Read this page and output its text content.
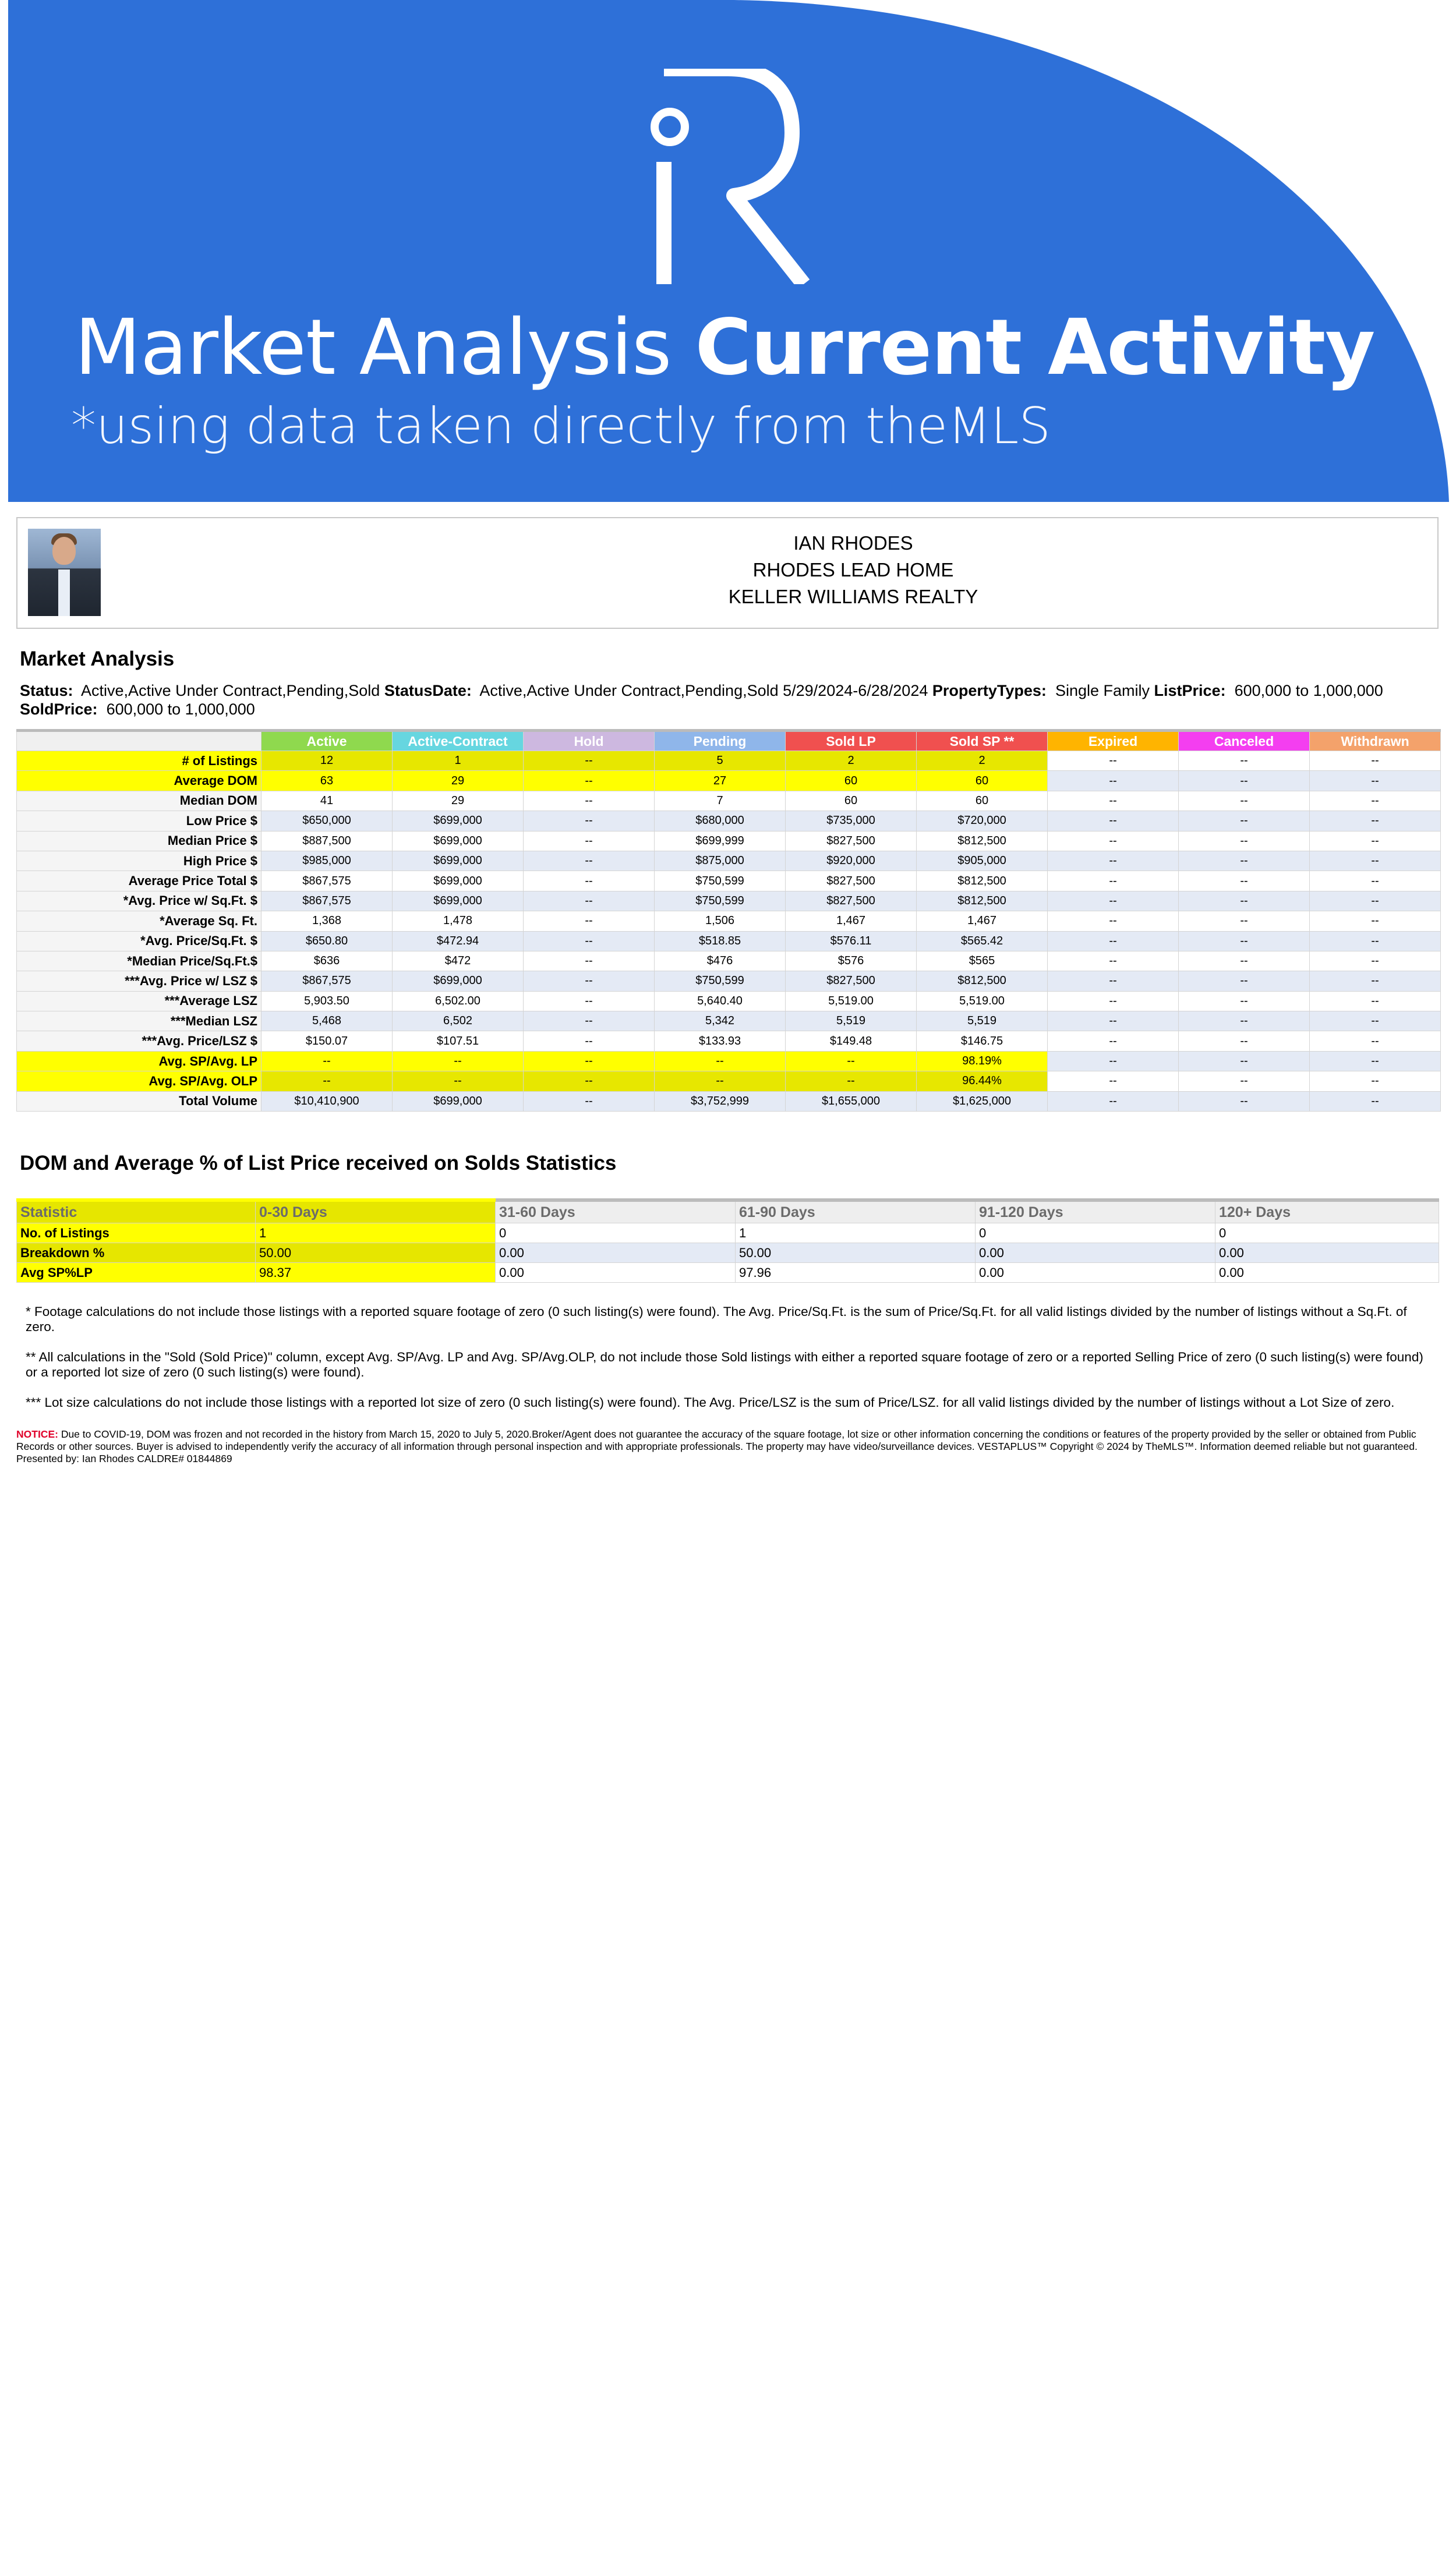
Market Analysis Current Activity
*using data taken directly from theMLS
IAN RHODES
RHODES LEAD HOME
KELLER WILLIAMS REALTY
Market Analysis
Status: Active,Active Under Contract,Pending,Sold StatusDate: Active,Active Under Contract,Pending,Sold 5/29/2024-6/28/2024 PropertyTypes: Single Family ListPrice: 600,000 to 1,000,000
SoldPrice: 600,000 to 1,000,000
	Active	Active-Contract	Hold	Pending	Sold LP	Sold SP **	Expired	Canceled	Withdrawn
# of Listings	12	1	--	5	2	2	--	--	--
Average DOM	63	29	--	27	60	60	--	--	--
Median DOM	41	29	--	7	60	60	--	--	--
Low Price $	$650,000	$699,000	--	$680,000	$735,000	$720,000	--	--	--
Median Price $	$887,500	$699,000	--	$699,999	$827,500	$812,500	--	--	--
High Price $	$985,000	$699,000	--	$875,000	$920,000	$905,000	--	--	--
Average Price Total $	$867,575	$699,000	--	$750,599	$827,500	$812,500	--	--	--
*Avg. Price w/ Sq.Ft. $	$867,575	$699,000	--	$750,599	$827,500	$812,500	--	--	--
*Average Sq. Ft.	1,368	1,478	--	1,506	1,467	1,467	--	--	--
*Avg. Price/Sq.Ft. $	$650.80	$472.94	--	$518.85	$576.11	$565.42	--	--	--
*Median Price/Sq.Ft.$	$636	$472	--	$476	$576	$565	--	--	--
***Avg. Price w/ LSZ $	$867,575	$699,000	--	$750,599	$827,500	$812,500	--	--	--
***Average LSZ	5,903.50	6,502.00	--	5,640.40	5,519.00	5,519.00	--	--	--
***Median LSZ	5,468	6,502	--	5,342	5,519	5,519	--	--	--
***Avg. Price/LSZ $	$150.07	$107.51	--	$133.93	$149.48	$146.75	--	--	--
Avg. SP/Avg. LP	--	--	--	--	--	98.19%	--	--	--
Avg. SP/Avg. OLP	--	--	--	--	--	96.44%	--	--	--
Total Volume	$10,410,900	$699,000	--	$3,752,999	$1,655,000	$1,625,000	--	--	--
DOM and Average % of List Price received on Solds Statistics
Statistic	0-30 Days	31-60 Days	61-90 Days	91-120 Days	120+ Days
No. of Listings	1	0	1	0	0
Breakdown %	50.00	0.00	50.00	0.00	0.00
Avg SP%LP	98.37	0.00	97.96	0.00	0.00

* Footage calculations do not include those listings with a reported square footage of zero (0 such listing(s) were found). The Avg. Price/Sq.Ft. is the sum of Price/Sq.Ft. for all valid listings divided by the number of listings without a Sq.Ft. of zero.

** All calculations in the "Sold (Sold Price)" column, except Avg. SP/Avg. LP and Avg. SP/Avg.OLP, do not include those Sold listings with either a reported square footage of zero or a reported Selling Price of zero (0 such listing(s) were found) or a reported lot size of zero (0 such listing(s) were found).

*** Lot size calculations do not include those listings with a reported lot size of zero (0 such listing(s) were found). The Avg. Price/LSZ is the sum of Price/LSZ. for all valid listings divided by the number of listings without a Lot Size of zero.

NOTICE: Due to COVID-19, DOM was frozen and not recorded in the history from March 15, 2020 to July 5, 2020.Broker/Agent does not guarantee the accuracy of the square footage, lot size or other information concerning the conditions or features of the property provided by the seller or obtained from Public Records or other sources. Buyer is advised to independently verify the accuracy of all information through personal inspection and with appropriate professionals. The property may have video/surveillance devices. VESTAPLUS™ Copyright © 2024 by TheMLS™. Information deemed reliable but not guaranteed. Presented by: Ian Rhodes CALDRE# 01844869
